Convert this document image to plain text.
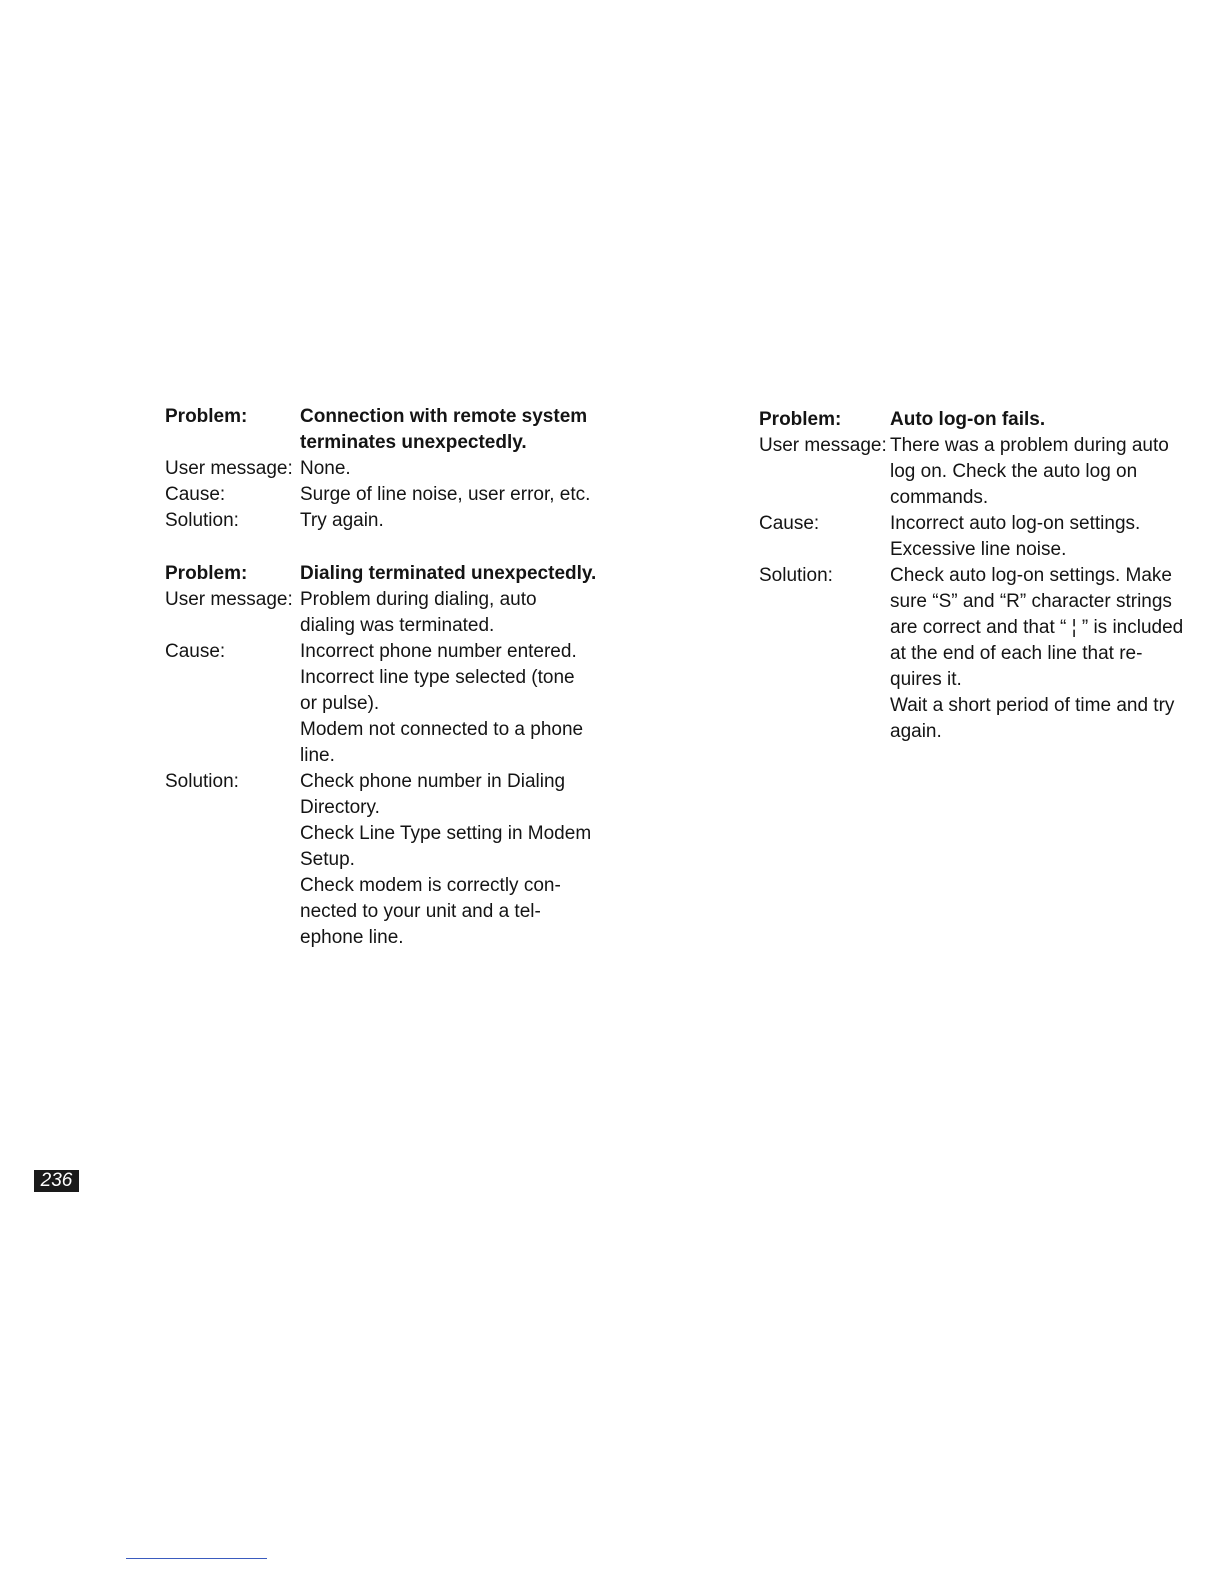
Problem:	Connection with remote system
terminates unexpectedly.
User message: None.
Cause:	Surge of line noise, user error, etc.
Solution:	Try again.
Problem:	Dialing terminated unexpectedly.
User message: Problem during dialing, auto
dialing was terminated.
Cause:	Incorrect phone number entered.
Incorrect line type selected (tone
or pulse).
Modem not connected to a phone
line.
Solution:	Check phone number in Dialing
Directory.
Check Line Type setting in Modem
Setup.
Check modem is correctly con-
nected to your unit and a tel-
ephone line.
Problem:	Auto log-on fails.
User message: There was a problem during auto
log on. Check the auto log on
commands.
Cause:	Incorrect auto log-on settings.
Excessive line noise.
Solution:	Check auto log-on settings. Make
sure “S” and “R” character strings
are correct and that “ ¦ ” is included
at the end of each line that re-
quires it.
Wait a short period of time and try
again.
236
